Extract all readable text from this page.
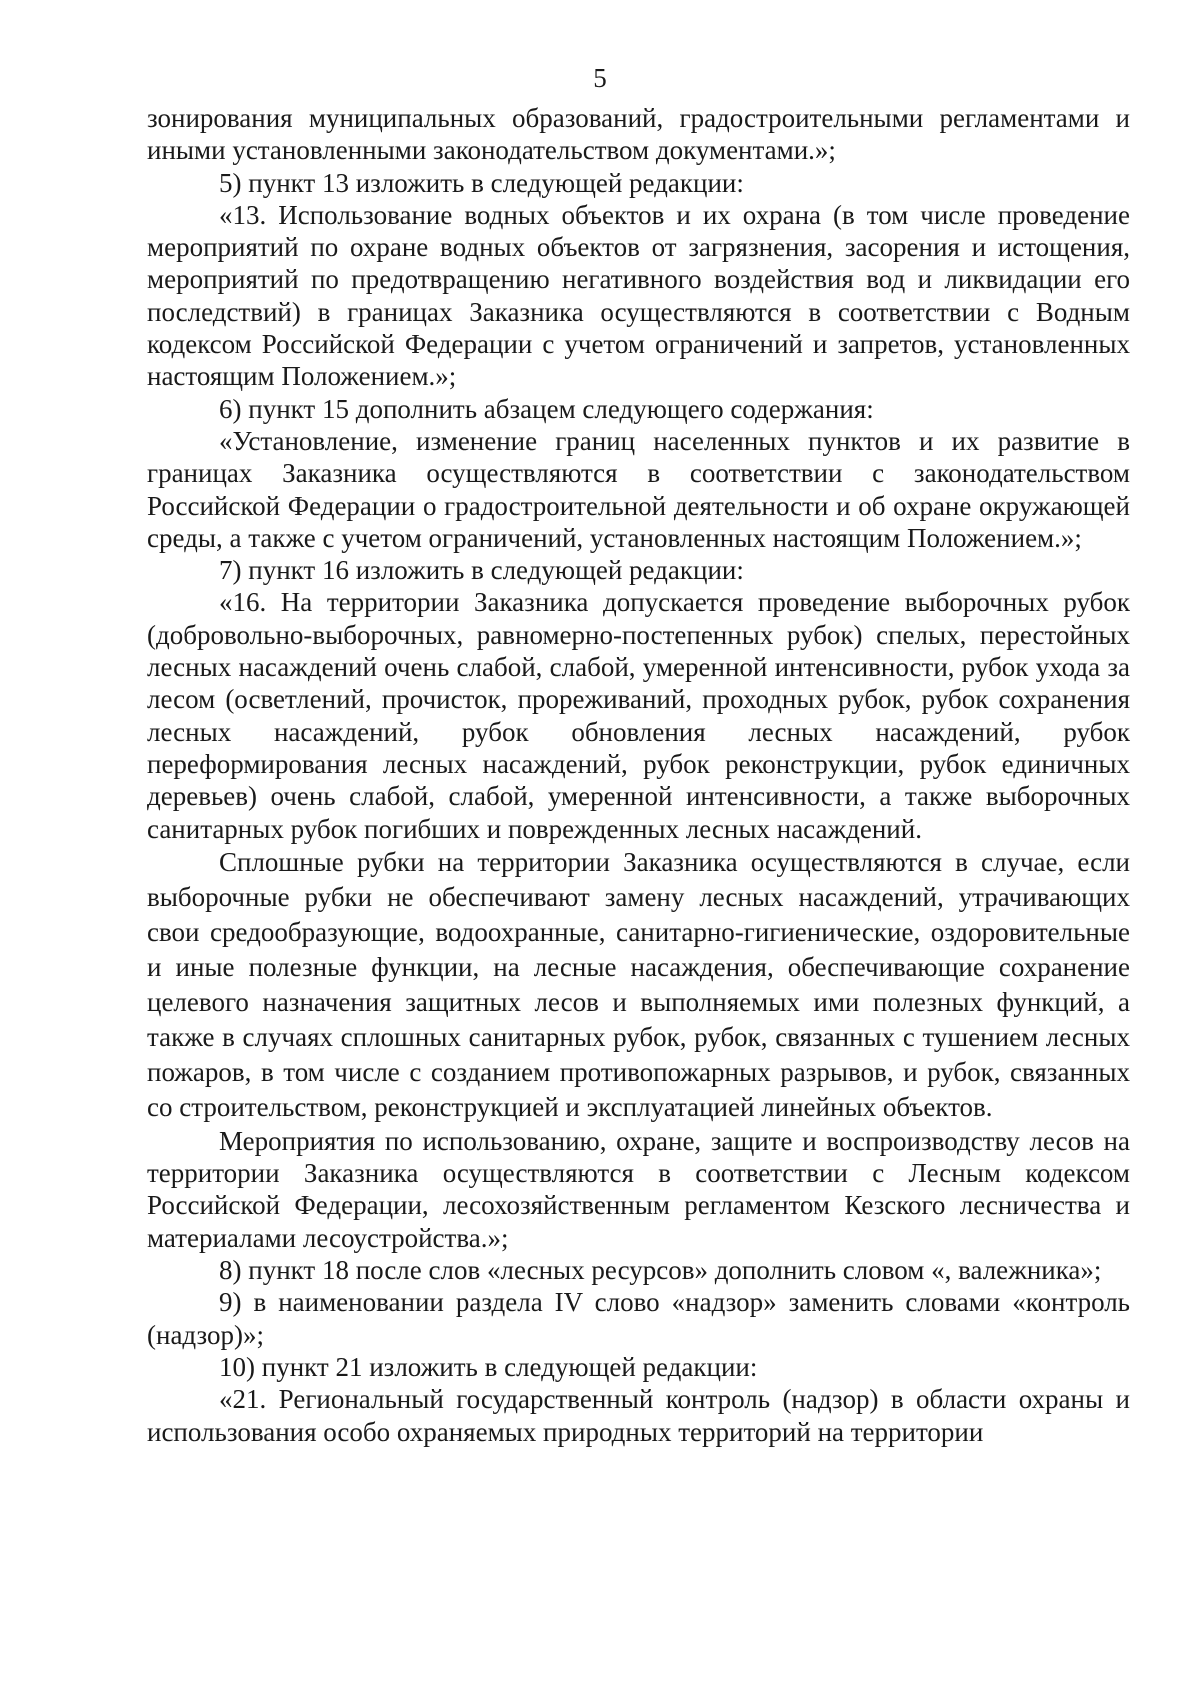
5

зонирования муниципальных образований, градостроительными регламентами и иными установленными законодательством документами.»;

5) пункт 13 изложить в следующей редакции:

«13. Использование водных объектов и их охрана (в том числе проведение мероприятий по охране водных объектов от загрязнения, засорения и истощения, мероприятий по предотвращению негативного воздействия вод и ликвидации его последствий) в границах Заказника осуществляются в соответствии с Водным кодексом Российской Федерации с учетом ограничений и запретов, установленных настоящим Положением.»;

6) пункт 15 дополнить абзацем следующего содержания:

«Установление, изменение границ населенных пунктов и их развитие в границах Заказника осуществляются в соответствии с законодательством Российской Федерации о градостроительной деятельности и об охране окружающей среды, а также с учетом ограничений, установленных настоящим Положением.»;

7) пункт 16 изложить в следующей редакции:

«16. На территории Заказника допускается проведение выборочных рубок (добровольно-выборочных, равномерно-постепенных рубок) спелых, перестойных лесных насаждений очень слабой, слабой, умеренной интенсивности, рубок ухода за лесом (осветлений, прочисток, прореживаний, проходных рубок, рубок сохранения лесных насаждений, рубок обновления лесных насаждений, рубок переформирования лесных насаждений, рубок реконструкции, рубок единичных деревьев) очень слабой, слабой, умеренной интенсивности, а также выборочных санитарных рубок погибших и поврежденных лесных насаждений.

Сплошные рубки на территории Заказника осуществляются в случае, если выборочные рубки не обеспечивают замену лесных насаждений, утрачивающих свои средообразующие, водоохранные, санитарно-гигиенические, оздоровительные и иные полезные функции, на лесные насаждения, обеспечивающие сохранение целевого назначения защитных лесов и выполняемых ими полезных функций, а также в случаях сплошных санитарных рубок, рубок, связанных с тушением лесных пожаров, в том числе с созданием противопожарных разрывов, и рубок, связанных со строительством, реконструкцией и эксплуатацией линейных объектов.

Мероприятия по использованию, охране, защите и воспроизводству лесов на территории Заказника осуществляются в соответствии с Лесным кодексом Российской Федерации, лесохозяйственным регламентом Кезского лесничества и материалами лесоустройства.»;

8) пункт 18 после слов «лесных ресурсов» дополнить словом «, валежника»;

9) в наименовании раздела IV слово «надзор» заменить словами «контроль (надзор)»;

10) пункт 21 изложить в следующей редакции:

«21. Региональный государственный контроль (надзор) в области охраны и использования особо охраняемых природных территорий на территории
